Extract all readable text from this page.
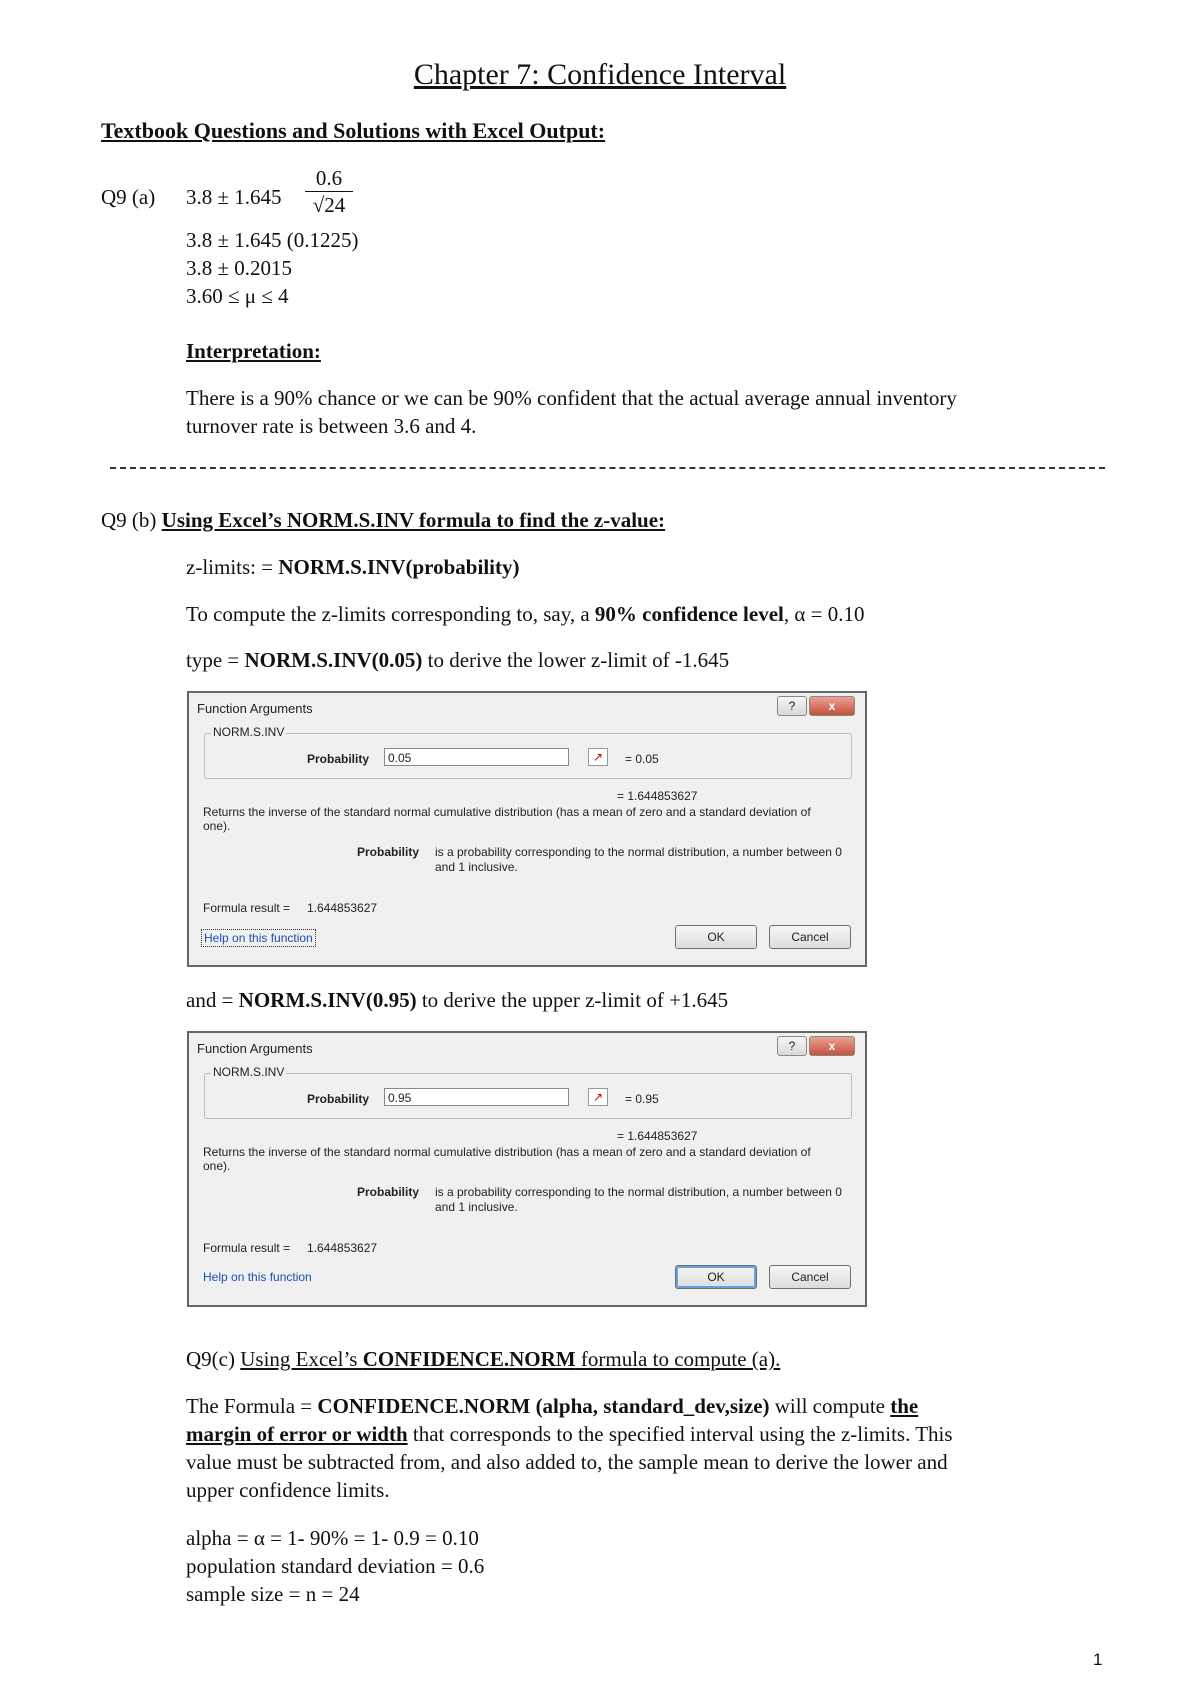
Chapter 7: Confidence Interval
Textbook Questions and Solutions with Excel Output:
Q9 (a) 3.8 ± 1.645
0.6
√24
3.8 ± 1.645 (0.1225)
3.8 ± 0.2015
3.60 ≤ μ ≤ 4
Interpretation:
There is a 90% chance or we can be 90% confident that the actual average annual inventory
turnover rate is between 3.6 and 4.
Q9 (b) Using Excel’s NORM.S.INV formula to find the z-value:
z-limits: = NORM.S.INV(probability)
To compute the z-limits corresponding to, say, a 90% confidence level, α = 0.10
type = NORM.S.INV(0.05) to derive the lower z-limit of -1.645
Function Arguments	?	x
NORM.S.INV
Probability	0.05	↗	= 0.05
= 1.644853627
Returns the inverse of the standard normal cumulative distribution (has a mean of zero and a standard deviation of one).
Probability is a probability corresponding to the normal distribution, a number between 0 and 1 inclusive.
Formula result = 1.644853627
Help on this function	OK	Cancel
and = NORM.S.INV(0.95) to derive the upper z-limit of +1.645
Function Arguments	?	x
NORM.S.INV
Probability	0.95	↗	= 0.95
= 1.644853627
Returns the inverse of the standard normal cumulative distribution (has a mean of zero and a standard deviation of one).
Probability is a probability corresponding to the normal distribution, a number between 0 and 1 inclusive.
Formula result = 1.644853627
Help on this function	OK	Cancel
Q9(c) Using Excel’s CONFIDENCE.NORM formula to compute (a).
The Formula = CONFIDENCE.NORM (alpha, standard_dev,size) will compute the
margin of error or width that corresponds to the specified interval using the z-limits. This
value must be subtracted from, and also added to, the sample mean to derive the lower and
upper confidence limits.
alpha = α = 1- 90% = 1- 0.9 = 0.10
population standard deviation = 0.6
sample size = n = 24
1
